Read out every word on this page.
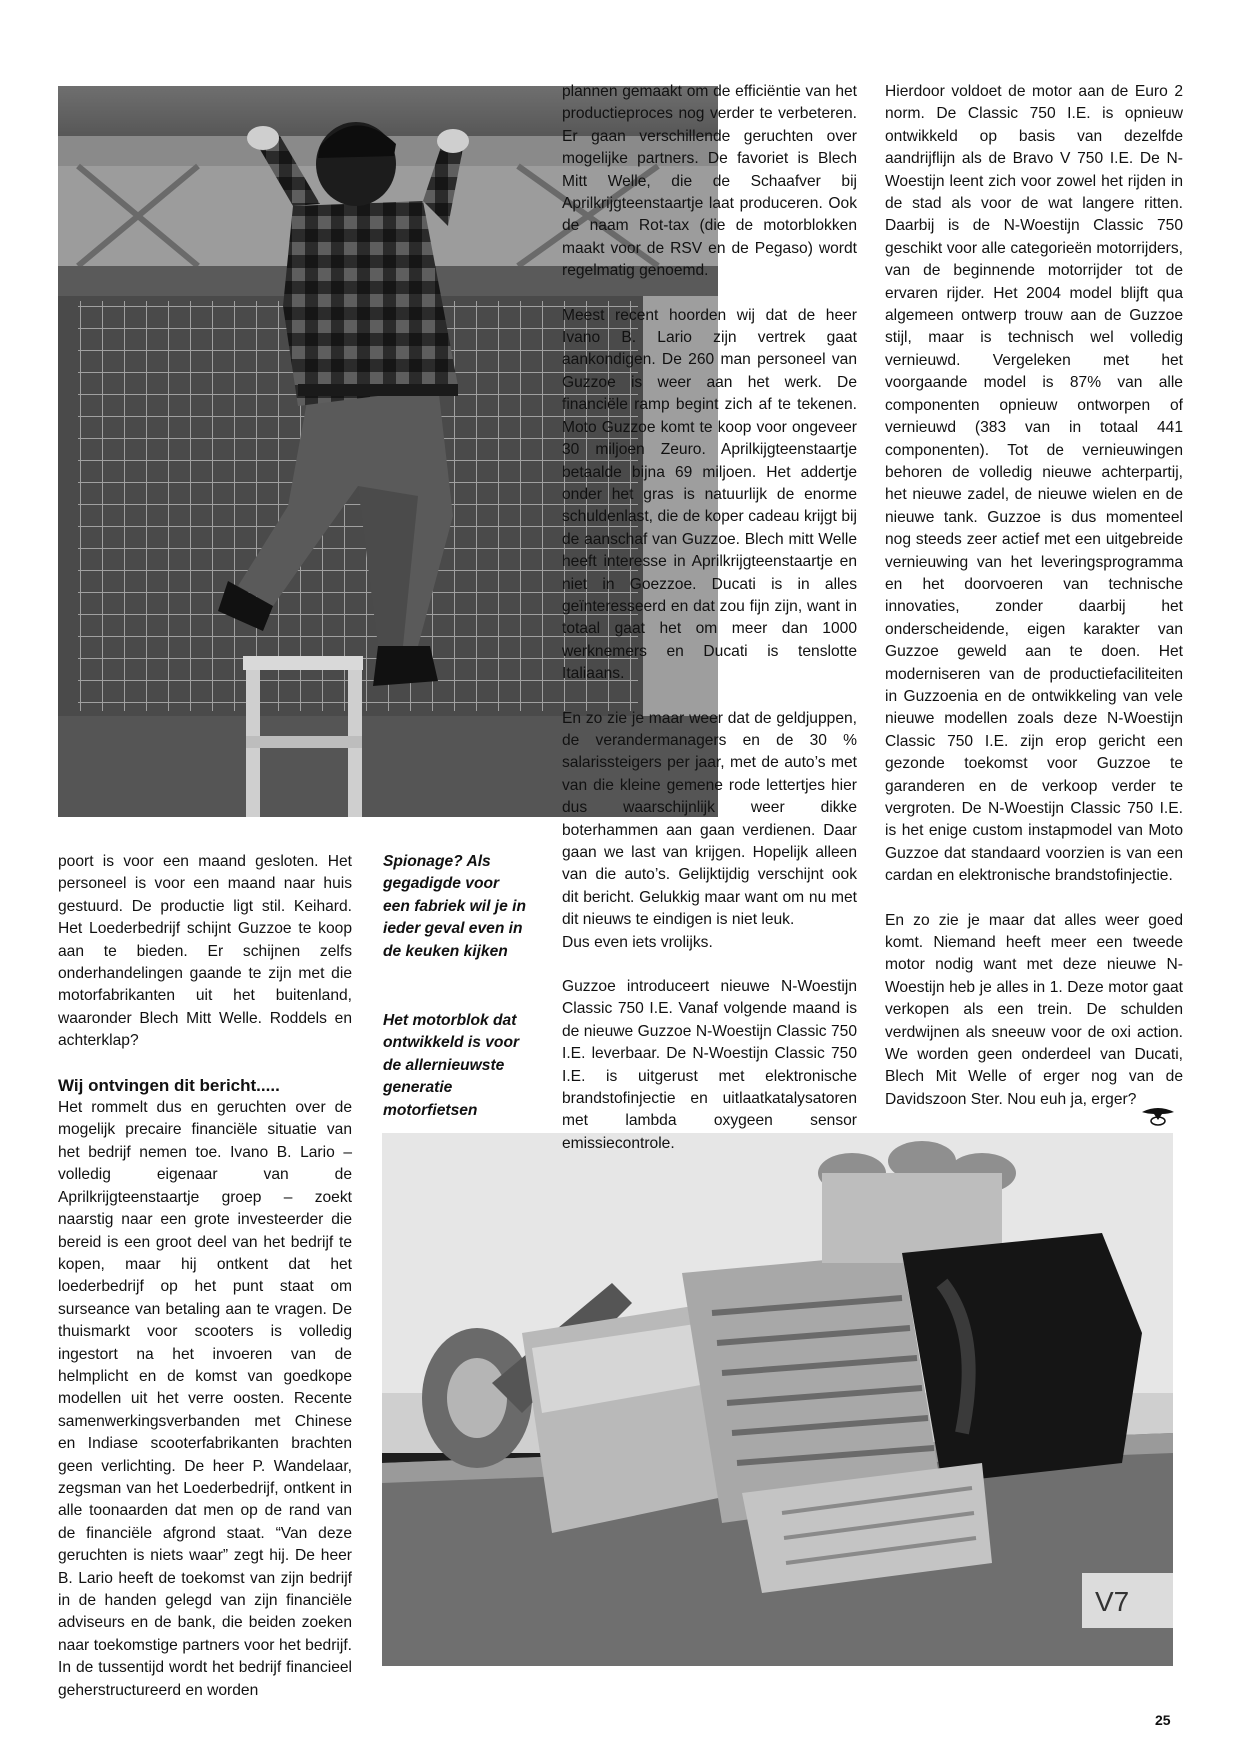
V7

poort is voor een maand gesloten. Het personeel is voor een maand naar huis gestuurd. De productie ligt stil. Keihard. Het Loederbedrijf schijnt Guzzoe te koop aan te bieden. Er schijnen zelfs onderhandelingen gaande te zijn met die motorfabrikanten uit het buitenland, waaronder Blech Mitt Welle. Roddels en achterklap?

Wij ontvingen dit bericht.....

Het rommelt dus en geruchten over de mogelijk precaire financiële situatie van het bedrijf nemen toe. Ivano B. Lario – volledig eigenaar van de Aprilkrijgteenstaartje groep – zoekt naarstig naar een grote investeerder die bereid is een groot deel van het bedrijf te kopen, maar hij ontkent dat het loederbedrijf op het punt staat om surseance van betaling aan te vragen. De thuismarkt voor scooters is volledig ingestort na het invoeren van de helmplicht en de komst van goedkope modellen uit het verre oosten. Recente samenwerkingsverbanden met Chinese en Indiase scooterfabrikanten brachten geen verlichting. De heer P. Wandelaar, zegsman van het Loederbedrijf, ontkent in alle toonaarden dat men op de rand van de financiële afgrond staat. “Van deze geruchten is niets waar” zegt hij. De heer B. Lario heeft de toekomst van zijn bedrijf in de handen gelegd van zijn financiële adviseurs en de bank, die beiden zoeken naar toekomstige partners voor het bedrijf. In de tussentijd wordt het bedrijf financieel geherstructureerd en worden

Spionage? Als gegadigde voor een fabriek wil je in ieder geval even in de keuken kijken
Het motorblok dat ontwikkeld is voor de allernieuwste generatie motorfietsen

plannen gemaakt om de efficiëntie van het productieproces nog verder te verbeteren. Er gaan verschillende geruchten over mogelijke partners. De favoriet is Blech Mitt Welle, die de Schaafver bij Aprilkrijgteenstaartje laat produceren. Ook de naam Rot-tax (die de motorblokken maakt voor de RSV en de Pegaso) wordt regelmatig genoemd.

Meest recent hoorden wij dat de heer Ivano B. Lario zijn vertrek gaat aankondigen. De 260 man personeel van Guzzoe is weer aan het werk. De financiële ramp begint zich af te tekenen. Moto Guzzoe komt te koop voor ongeveer 30 miljoen Zeuro. Aprilkijgteenstaartje betaalde bijna 69 miljoen. Het addertje onder het gras is natuurlijk de enorme schuldenlast, die de koper cadeau krijgt bij de aanschaf van Guzzoe. Blech mitt Welle heeft interesse in Aprilkrijgteenstaartje en niet in Goezzoe. Ducati is in alles geïnteresseerd en dat zou fijn zijn, want in totaal gaat het om meer dan 1000 werknemers en Ducati is tenslotte Italiaans.

En zo zie je maar weer dat de geldjuppen, de verandermanagers en de 30 % salarissteigers per jaar, met de auto’s met van die kleine gemene rode lettertjes hier dus waarschijnlijk weer dikke boterhammen aan gaan verdienen. Daar gaan we last van krijgen. Hopelijk alleen van die auto’s. Gelijktijdig verschijnt ook dit bericht. Gelukkig maar want om nu met dit nieuws te eindigen is niet leuk.
Dus even iets vrolijks.

Guzzoe introduceert nieuwe N-Woestijn Classic 750 I.E. Vanaf volgende maand is de nieuwe Guzzoe N-Woestijn Classic 750 I.E. leverbaar. De N-Woestijn Classic 750 I.E. is uitgerust met elektronische brandstofinjectie en uitlaatkatalysatoren met lambda oxygeen sensor emissiecontrole.

Hierdoor voldoet de motor aan de Euro 2 norm. De Classic 750 I.E. is opnieuw ontwikkeld op basis van dezelfde aandrijflijn als de Bravo V 750 I.E. De N-Woestijn leent zich voor zowel het rijden in de stad als voor de wat langere ritten. Daarbij is de N-Woestijn Classic 750 geschikt voor alle categorieën motorrijders, van de beginnende motorrijder tot de ervaren rijder. Het 2004 model blijft qua algemeen ontwerp trouw aan de Guzzoe stijl, maar is technisch wel volledig vernieuwd. Vergeleken met het voorgaande model is 87% van alle componenten opnieuw ontworpen of vernieuwd (383 van in totaal 441 componenten). Tot de vernieuwingen behoren de volledig nieuwe achterpartij, het nieuwe zadel, de nieuwe wielen en de nieuwe tank. Guzzoe is dus momenteel nog steeds zeer actief met een uitgebreide vernieuwing van het leveringsprogramma en het doorvoeren van technische innovaties, zonder daarbij het onderscheidende, eigen karakter van Guzzoe geweld aan te doen. Het moderniseren van de productiefaciliteiten in Guzzoenia en de ontwikkeling van vele nieuwe modellen zoals deze N-Woestijn Classic 750 I.E. zijn erop gericht een gezonde toekomst voor Guzzoe te garanderen en de verkoop verder te vergroten. De N-Woestijn Classic 750 I.E. is het enige custom instapmodel van Moto Guzzoe dat standaard voorzien is van een cardan en elektronische brandstofinjectie.

En zo zie je maar dat alles weer goed komt. Niemand heeft meer een tweede motor nodig want met deze nieuwe N-Woestijn heb je alles in 1. Deze motor gaat verkopen als een trein. De schulden verdwijnen als sneeuw voor de oxi action. We worden geen onderdeel van Ducati, Blech Mit Welle of erger nog van de Davidszoon Ster. Nou euh ja, erger?

25
